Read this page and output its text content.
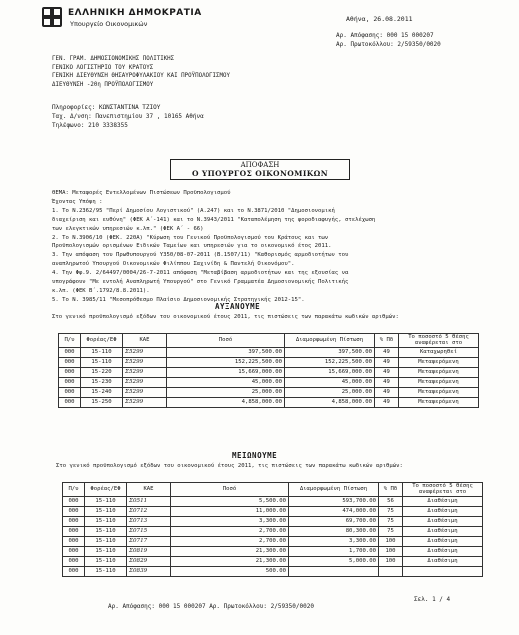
ΕΛΛΗΝΙΚΗ ΔΗΜΟΚΡΑΤΙΑ
Υπουργείο Οικονομικών
Αθήνα, 26.08.2011
Αρ. Απόφασης: 000 15 000207
Αρ. Πρωτοκόλλου: 2/59350/0020
ΓΕΝ. ΓΡΑΜ. ΔΗΜΟΣΙΟΝΟΜΙΚΗΣ ΠΟΛΙΤΙΚΗΣ
ΓΕΝΙΚΟ ΛΟΓΙΣΤΗΡΙΟ ΤΟΥ ΚΡΑΤΟΥΣ
ΓΕΝΙΚΗ ΔΙΕΥΘΥΝΣΗ ΘΗΣΑΥΡΟΦΥΛΑΚΙΟΥ ΚΑΙ ΠΡΟΫΠΟΛΟΓΙΣΜΟΥ
ΔΙΕΥΘΥΝΣΗ -20η ΠΡΟΫΠΟΛΟΓΙΣΜΟΥ
Πληροφορίες: ΚΩΝΣΤΑΝΤΙΝΑ ΤΖΙΟΥ
Ταχ. Δ/νση: Πανεπιστημίου 37 , 10165 Αθήνα
Τηλέφωνο: 210 3338355
ΑΠΟΦΑΣΗ
Ο ΥΠΟΥΡΓΟΣ ΟΙΚΟΝΟΜΙΚΩΝ
ΘΕΜΑ: Μεταφορές Εντελλομένων Πιστώσεων Προϋπολογισμού
Έχοντας Υπόψη :
1. Το Ν.2362/95 "Περί Δημοσίου Λογιστικού" (Α.247) και το Ν.3871/2010 "Δημοσιονομική
διαχείριση και ευθύνη" (ΦΕΚ Α΄-141) και το Ν.3943/2011 "Καταπολέμηση της φοροδιαφυγής, στελέχωση
των ελεγκτικών υπηρεσιών κ.λπ." (ΦΕΚ Α΄ - 66)
2. Το Ν.3906/10 (ΦΕΚ. 220Α) "Κύρωση του Γενικού Προϋπολογισμού του Κράτους και των
Προϋπολογισμών ορισμένων Ειδικών Ταμείων και υπηρεσιών για το οικονομικό έτος 2011.
3. Την απόφαση του Πρωθυπουργού Υ350/08-07-2011 (Β.1507/11) "Καθορισμός αρμοδιοτήτων του
αναπληρωτού Υπουργού Οικονομικών Φιλίππου Σαχινίδη & Παντελή Οικονόμου".
4. Την Φφ.9. 2/64497/0004/26-7-2011 απόφαση "Μεταβίβαση αρμοδιοτήτων και της εξουσίας να
υπογράφουν "Με εντολή Αναπληρωτή Υπουργού" στο Γενικό Γραμματέα Δημοσιονομικής Πολιτικής
κ.λπ. (ΦΕΚ Β΄.1792/8.8.2011).
5. Το Ν. 3985/11 "Μεσοπρόθεσμο Πλαίσιο Δημοσιονομικής Στρατηγικής 2012-15".
ΑΥΞΑΝΟΥΜΕ
Στο γενικό προϋπολογισμό εξόδων του οικονομικού έτους 2011, τις πιστώσεις των παρακάτω κωδικών αριθμών:
Π/υ	Φορέας/ΕΦ	ΚΑΕ	Ποσό	Διαμορφωμένη Πίστωση	% Πδ	Το ποσοστό 5 θέσης αναφέρεται στο
000	15-110	Σ5299	397,500.00	397,500.00	49	Καταχωρηθεί
000	15-110	Σ5299	152,225,500.00	152,225,500.00	49	Μεταφερόμενη
000	15-220	Σ5299	15,669,000.00	15,669,000.00	49	Μεταφερόμενη
000	15-230	Σ5299	45,000.00	45,000.00	49	Μεταφερόμενη
000	15-240	Σ5299	25,000.00	25,000.00	49	Μεταφερόμενη
000	15-250	Σ5299	4,858,000.00	4,858,000.00	49	Μεταφερόμενη
ΜΕΙΩΝΟΥΜΕ
Στο γενικό προϋπολογισμό εξόδων του οικονομικού έτους 2011, τις πιστώσεις των παρακάτω κωδικών αριθμών:
Π/υ	Φορέας/ΕΦ	ΚΑΕ	Ποσό	Διαμορφωμένη Πίστωση	% Πδ	Το ποσοστό 5 θέσης αναφέρεται στο
000	15-110	Σ0511	5,500.00	593,700.00	56	Διαθέσιμη
000	15-110	Σ0712	11,000.00	474,000.00	75	Διαθέσιμη
000	15-110	Σ0713	3,300.00	69,700.00	75	Διαθέσιμη
000	15-110	Σ0715	2,700.00	80,300.00	75	Διαθέσιμη
000	15-110	Σ0717	2,700.00	3,300.00	100	Διαθέσιμη
000	15-110	Σ0819	21,300.00	1,700.00	100	Διαθέσιμη
000	15-110	Σ0829	21,300.00	5,000.00	100	Διαθέσιμη
000	15-110	Σ0839	500.00			
Αρ. Απόφασης: 000 15 000207 Αρ. Πρωτοκόλλου: 2/59350/0020
Σελ. 1 / 4
